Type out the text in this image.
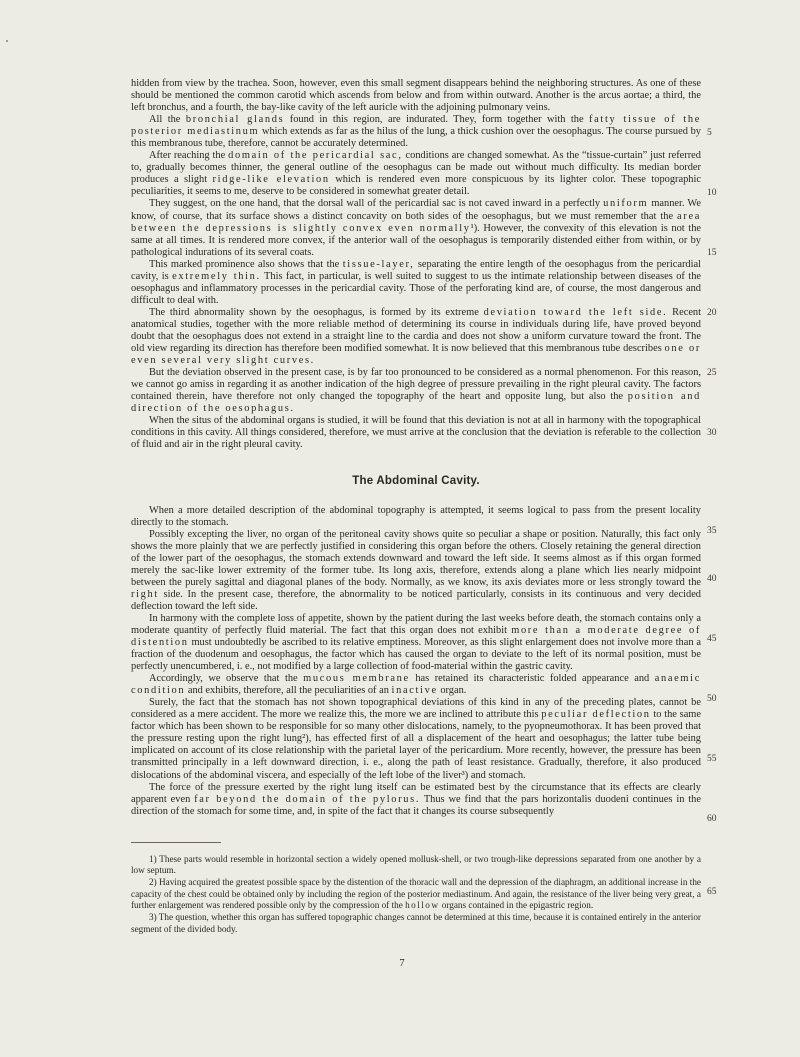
hidden from view by the trachea. Soon, however, even this small segment disappears behind the neighboring structures. As one of these should be mentioned the common carotid which ascends from below and from within outward. Another is the arcus aortae; a third, the left bronchus, and a fourth, the bay-like cavity of the left auricle with the adjoining pulmonary veins.

All the bronchial glands found in this region, are indurated. They, form together with the fatty tissue of the posterior mediastinum which extends as far as the hilus of the lung, a thick cushion over the oesophagus. The course pursued by this membranous tube, therefore, cannot be accurately determined.

After reaching the domain of the pericardial sac, conditions are changed somewhat. As the “tissue-curtain” just referred to, gradually becomes thinner, the general outline of the oesophagus can be made out without much difficulty. Its median border produces a slight ridge-like elevation which is rendered even more conspicuous by its lighter color. These topographic peculiarities, it seems to me, deserve to be considered in somewhat greater detail.

They suggest, on the one hand, that the dorsal wall of the pericardial sac is not caved inward in a perfectly uniform manner. We know, of course, that its surface shows a distinct concavity on both sides of the oesophagus, but we must remember that the area between the depressions is slightly convex even normally¹). However, the convexity of this elevation is not the same at all times. It is rendered more convex, if the anterior wall of the oesophagus is temporarily distended either from within, or by pathological indurations of its several coats.

This marked prominence also shows that the tissue-layer, separating the entire length of the oesophagus from the pericardial cavity, is extremely thin. This fact, in particular, is well suited to suggest to us the intimate relationship between diseases of the oesophagus and inflammatory processes in the pericardial cavity. Those of the perforating kind are, of course, the most dangerous and difficult to deal with.

The third abnormality shown by the oesophagus, is formed by its extreme deviation toward the left side. Recent anatomical studies, together with the more reliable method of determining its course in individuals during life, have proved beyond doubt that the oesophagus does not extend in a straight line to the cardia and does not show a uniform curvature toward the front. The old view regarding its direction has therefore been modified somewhat. It is now believed that this membranous tube describes one or even several very slight curves.

But the deviation observed in the present case, is by far too pronounced to be considered as a normal phenomenon. For this reason, we cannot go amiss in regarding it as another indication of the high degree of pressure prevailing in the right pleural cavity. The factors contained therein, have therefore not only changed the topography of the heart and opposite lung, but also the position and direction of the oesophagus.

When the situs of the abdominal organs is studied, it will be found that this deviation is not at all in harmony with the topographical conditions in this cavity. All things considered, therefore, we must arrive at the conclusion that the deviation is referable to the collection of fluid and air in the right pleural cavity.

The Abdominal Cavity.

When a more detailed description of the abdominal topography is attempted, it seems logical to pass from the present locality directly to the stomach.

Possibly excepting the liver, no organ of the peritoneal cavity shows quite so peculiar a shape or position. Naturally, this fact only shows the more plainly that we are perfectly justified in considering this organ before the others. Closely retaining the general direction of the lower part of the oesophagus, the stomach extends downward and toward the left side. It seems almost as if this organ formed merely the sac-like lower extremity of the former tube. Its long axis, therefore, extends along a plane which lies nearly midpoint between the purely sagittal and diagonal planes of the body. Normally, as we know, its axis deviates more or less strongly toward the right side. In the present case, therefore, the abnormality to be noticed particularly, consists in its continuous and very decided deflection toward the left side.

In harmony with the complete loss of appetite, shown by the patient during the last weeks before death, the stomach contains only a moderate quantity of perfectly fluid material. The fact that this organ does not exhibit more than a moderate degree of distention must undoubtedly be ascribed to its relative emptiness. Moreover, as this slight enlargement does not involve more than a fraction of the duodenum and oesophagus, the factor which has caused the organ to deviate to the left of its normal position, must be perfectly unencumbered, i. e., not modified by a large collection of food-material within the gastric cavity.

Accordingly, we observe that the mucous membrane has retained its characteristic folded appearance and anaemic condition and exhibits, therefore, all the peculiarities of an inactive organ.

Surely, the fact that the stomach has not shown topographical deviations of this kind in any of the preceding plates, cannot be considered as a mere accident. The more we realize this, the more we are inclined to attribute this peculiar deflection to the same factor which has been shown to be responsible for so many other dislocations, namely, to the pyopneumothorax. It has been proved that the pressure resting upon the right lung²), has effected first of all a displacement of the heart and oesophagus; the latter tube being implicated on account of its close relationship with the parietal layer of the pericardium. More recently, however, the pressure has been transmitted principally in a left downward direction, i. e., along the path of least resistance. Gradually, therefore, it also produced dislocations of the abdominal viscera, and especially of the left lobe of the liver³) and stomach.

The force of the pressure exerted by the right lung itself can be estimated best by the circumstance that its effects are clearly apparent even far beyond the domain of the pylorus. Thus we find that the pars horizontalis duodeni continues in the direction of the stomach for some time, and, in spite of the fact that it changes its course subsequently

1) These parts would resemble in horizontal section a widely opened mollusk-shell, or two trough-like depressions separated from one another by a low septum.

2) Having acquired the greatest possible space by the distention of the thoracic wall and the depression of the diaphragm, an additional increase in the capacity of the chest could be obtained only by including the region of the posterior mediastinum. And again, the resistance of the liver being very great, a further enlargement was rendered possible only by the compression of the hollow organs contained in the epigastric region.

3) The question, whether this organ has suffered topographic changes cannot be determined at this time, because it is contained entirely in the anterior segment of the divided body.

5
10
15
20
25
30
35
40
45
50
55
60
65
7
